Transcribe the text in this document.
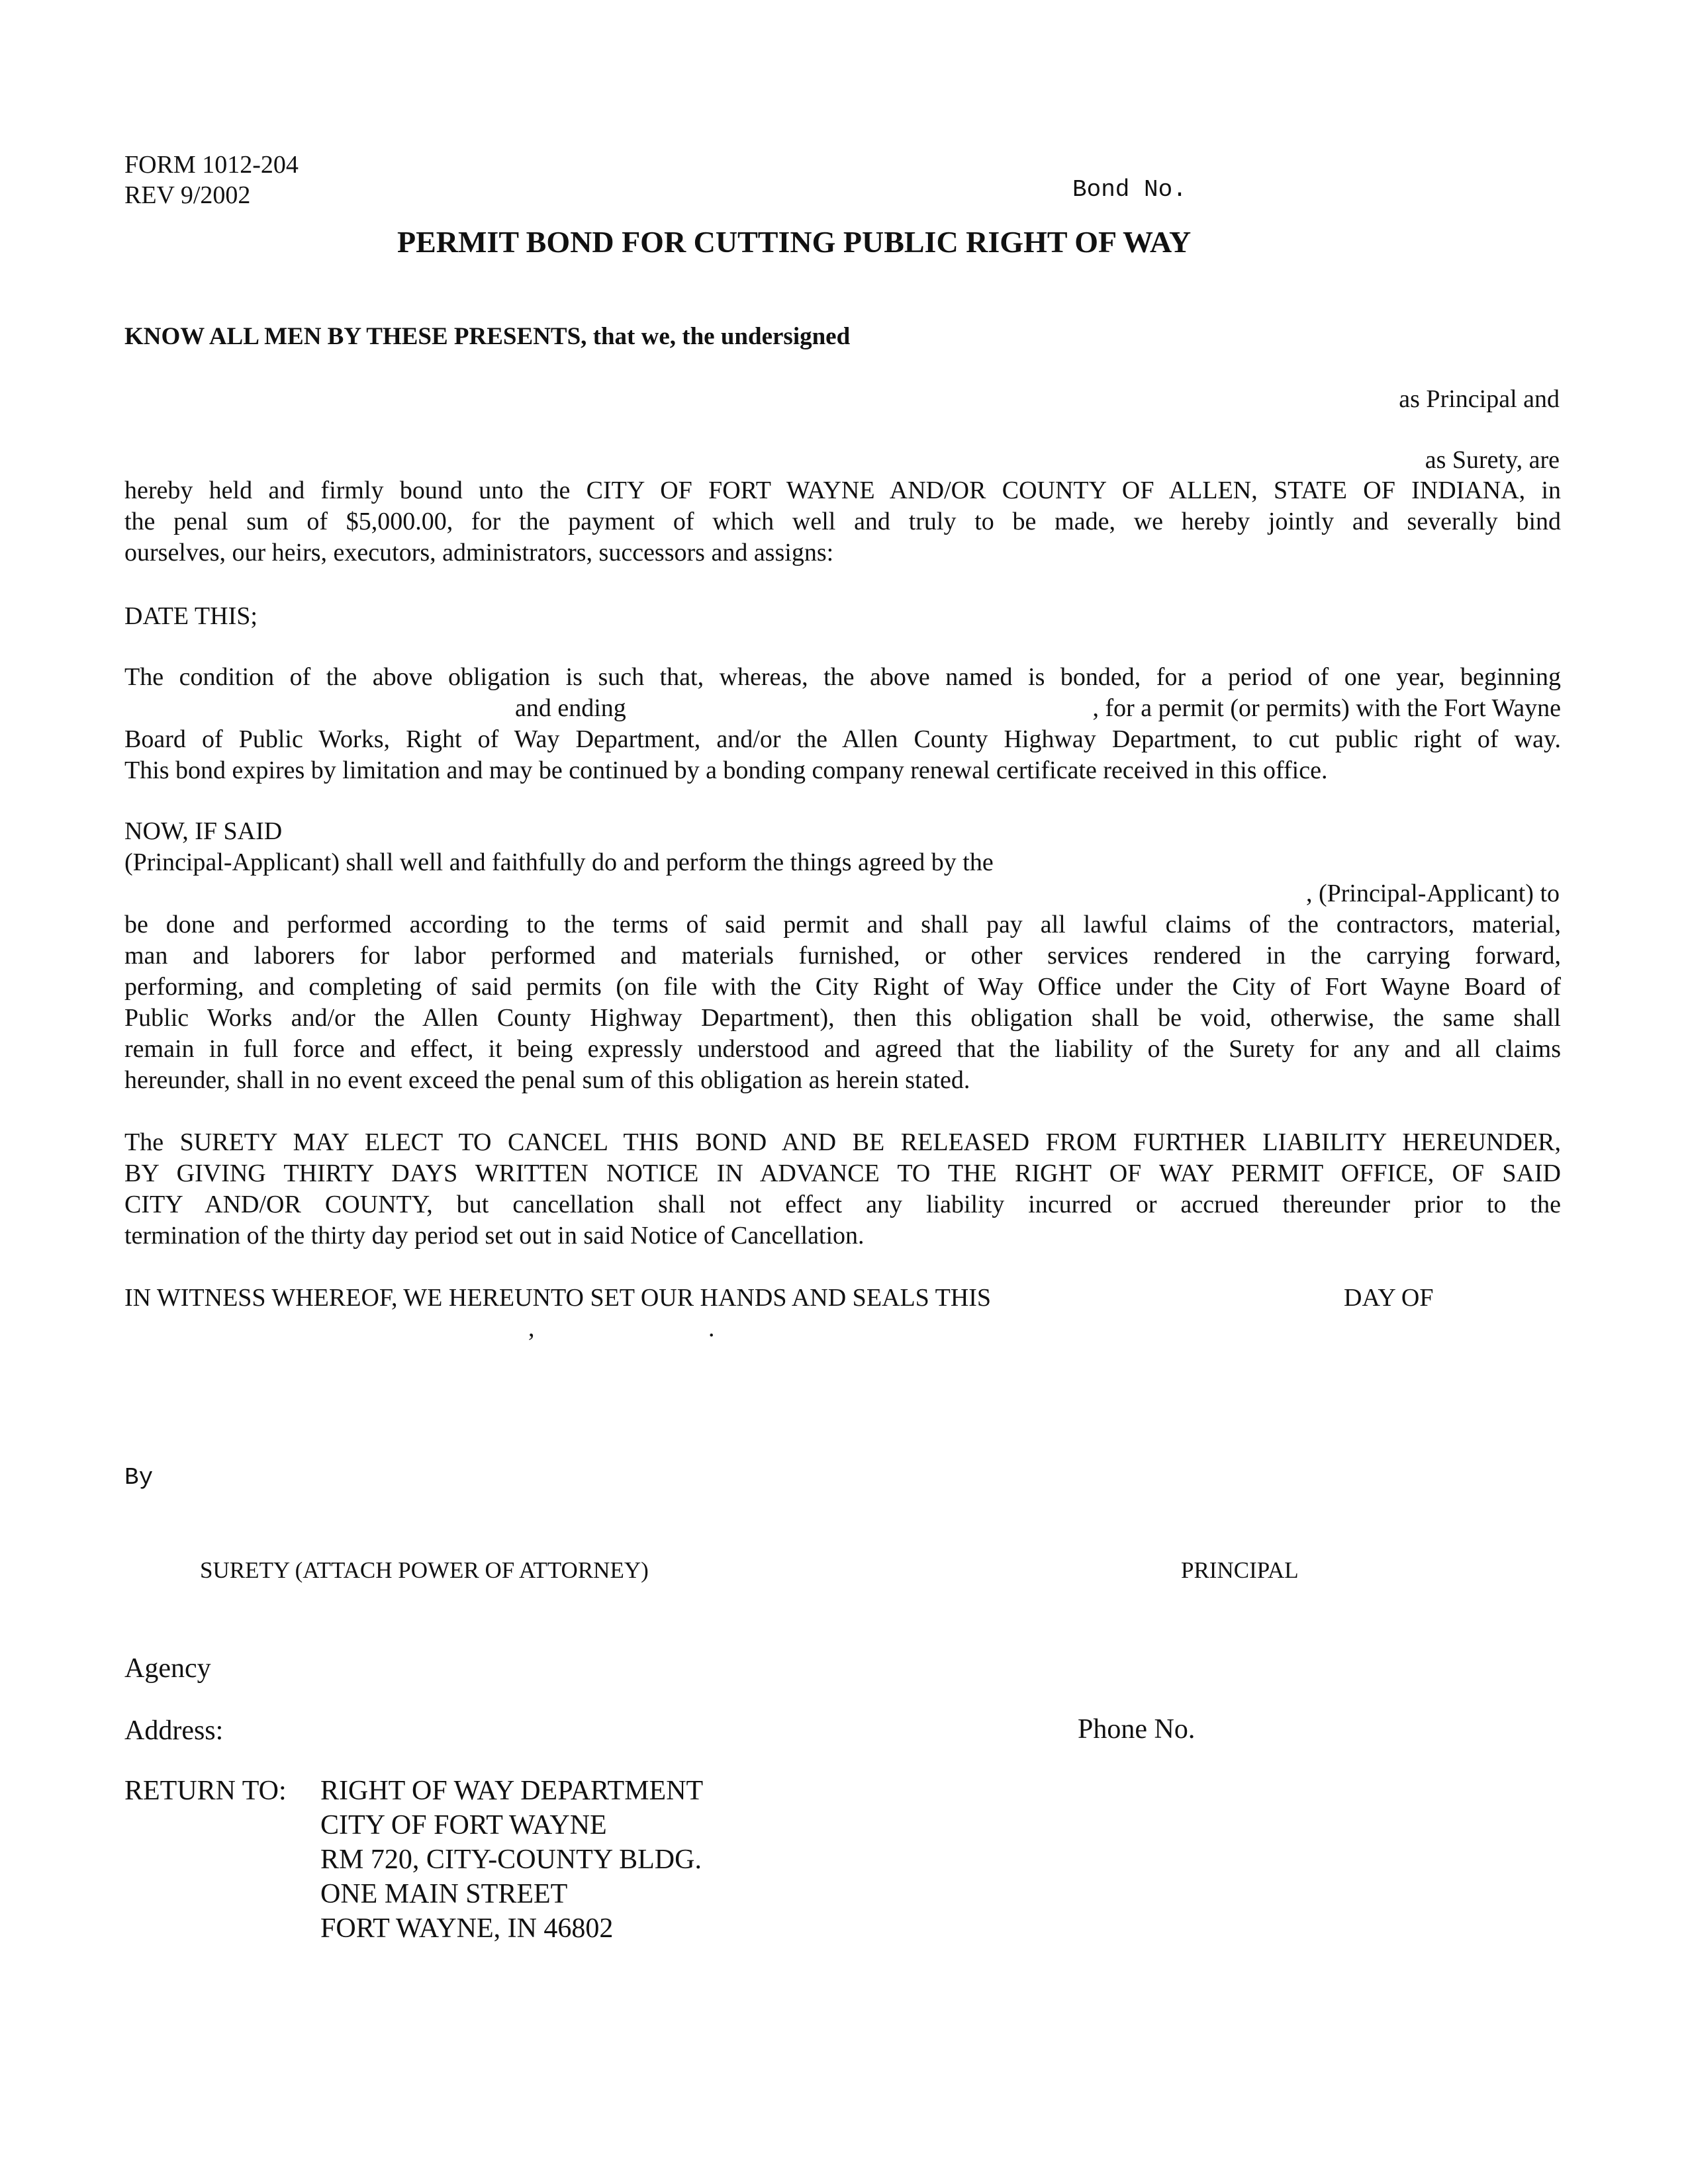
FORM 1012-204
REV 9/2002	Bond No.
PERMIT BOND FOR CUTTING PUBLIC RIGHT OF WAY
KNOW ALL MEN BY THESE PRESENTS, that we, the undersigned
as Principal and
as Surety, are

hereby held and firmly bound unto the CITY OF FORT WAYNE AND/OR COUNTY OF ALLEN, STATE OF INDIANA, in

the penal sum of $5,000.00, for the payment of which well and truly to be made, we hereby jointly and severally bind

ourselves, our heirs, executors, administrators, successors and assigns:

DATE THIS;

The condition of the above obligation is such that, whereas, the above named is bonded, for a period of one year, beginning

and ending	, for a permit (or permits) with the Fort Wayne

Board of Public Works, Right of Way Department, and/or the Allen County Highway Department, to cut public right of way.

This bond expires by limitation and may be continued by a bonding company renewal certificate received in this office.

NOW, IF SAID
(Principal-Applicant) shall well and faithfully do and perform the things agreed by the
, (Principal-Applicant) to

be done and performed according to the terms of said permit and shall pay all lawful claims of the contractors, material,

man and laborers for labor performed and materials furnished, or other services rendered in the carrying forward,

performing, and completing of said permits (on file with the City Right of Way Office under the City of Fort Wayne Board of

Public Works and/or the Allen County Highway Department), then this obligation shall be void, otherwise, the same shall

remain in full force and effect, it being expressly understood and agreed that the liability of the Surety for any and all claims

hereunder, shall in no event exceed the penal sum of this obligation as herein stated.

The SURETY MAY ELECT TO CANCEL THIS BOND AND BE RELEASED FROM FURTHER LIABILITY HEREUNDER,

BY GIVING THIRTY DAYS WRITTEN NOTICE IN ADVANCE TO THE RIGHT OF WAY PERMIT OFFICE, OF SAID

CITY AND/OR COUNTY, but cancellation shall not effect any liability incurred or accrued thereunder prior to the

termination of the thirty day period set out in said Notice of Cancellation.

IN WITNESS WHEREOF, WE HEREUNTO SET OUR HANDS AND SEALS THIS	DAY OF
,	.
By
SURETY (ATTACH POWER OF ATTORNEY)	PRINCIPAL
Agency
Address:	Phone No.
RETURN TO: RIGHT OF WAY DEPARTMENT
CITY OF FORT WAYNE
RM 720, CITY-COUNTY BLDG.
ONE MAIN STREET
FORT WAYNE, IN 46802
